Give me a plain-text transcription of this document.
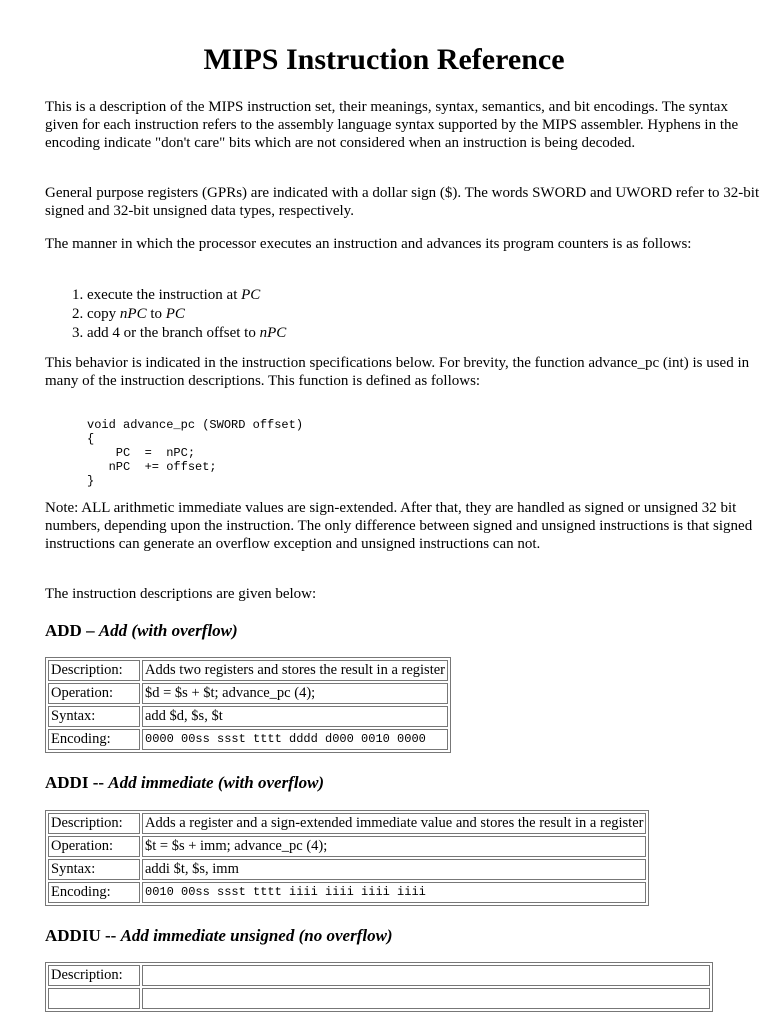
MIPS Instruction Reference

This is a description of the MIPS instruction set, their meanings, syntax, semantics, and bit encodings. The syntax given for each instruction refers to the assembly language syntax supported by the MIPS assembler. Hyphens in the encoding indicate "don't care" bits which are not considered when an instruction is being decoded.

General purpose registers (GPRs) are indicated with a dollar sign ($). The words SWORD and UWORD refer to 32-bit signed and 32-bit unsigned data types, respectively.

The manner in which the processor executes an instruction and advances its program counters is as follows:

1. execute the instruction at PC
2. copy nPC to PC
3. add 4 or the branch offset to nPC

This behavior is indicated in the instruction specifications below. For brevity, the function advance_pc (int) is used in many of the instruction descriptions. This function is defined as follows:

void advance_pc (SWORD offset)
{
PC  =  nPC;
nPC  += offset;
}

Note: ALL arithmetic immediate values are sign-extended. After that, they are handled as signed or unsigned 32 bit numbers, depending upon the instruction. The only difference between signed and unsigned instructions is that signed instructions can generate an overflow exception and unsigned instructions can not.

The instruction descriptions are given below:

ADD – Add (with overflow)
Description:	Adds two registers and stores the result in a register
Operation:	$d = $s + $t; advance_pc (4);
Syntax:	add $d, $s, $t
Encoding:	0000 00ss ssst tttt dddd d000 0010 0000
ADDI -- Add immediate (with overflow)
Description:	Adds a register and a sign-extended immediate value and stores the result in a register
Operation:	$t = $s + imm; advance_pc (4);
Syntax:	addi $t, $s, imm
Encoding:	0010 00ss ssst tttt iiii iiii iiii iiii
ADDIU -- Add immediate unsigned (no overflow)
Description:	
